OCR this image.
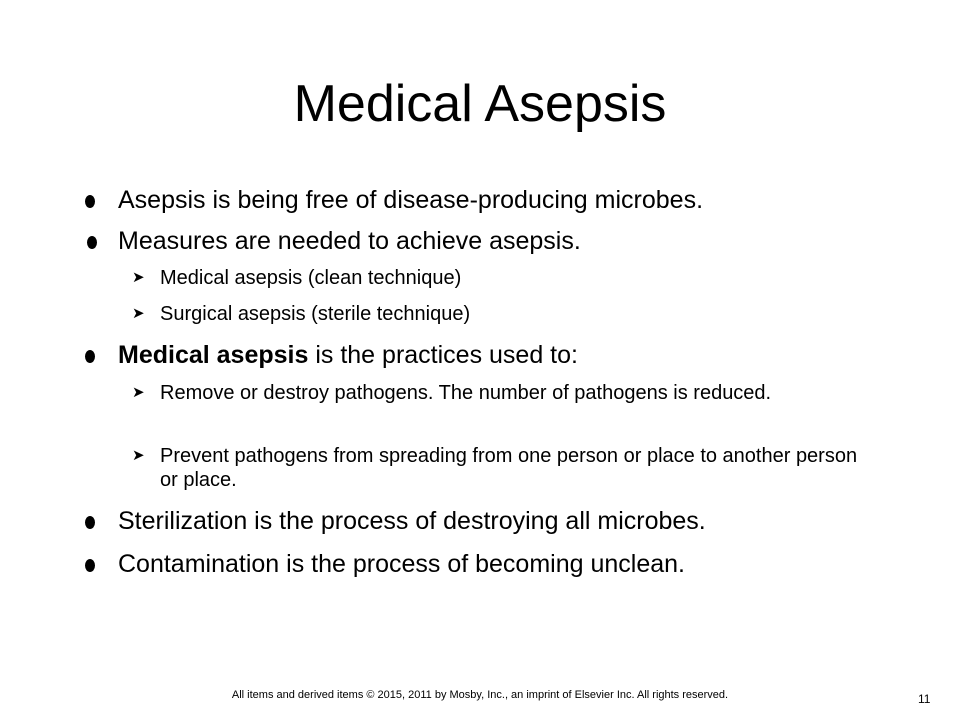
Medical Asepsis
Asepsis is being free of disease-producing microbes.
Measures are needed to achieve asepsis.
➤ Medical asepsis (clean technique)
➤ Surgical asepsis (sterile technique)
Medical asepsis is the practices used to:
➤ Remove or destroy pathogens. The number of pathogens is reduced.
➤ Prevent pathogens from spreading from one person or place to another person or place.
Sterilization is the process of destroying all microbes.
Contamination is the process of becoming unclean.
All items and derived items © 2015, 2011 by Mosby, Inc., an imprint of Elsevier Inc. All rights reserved.	11
